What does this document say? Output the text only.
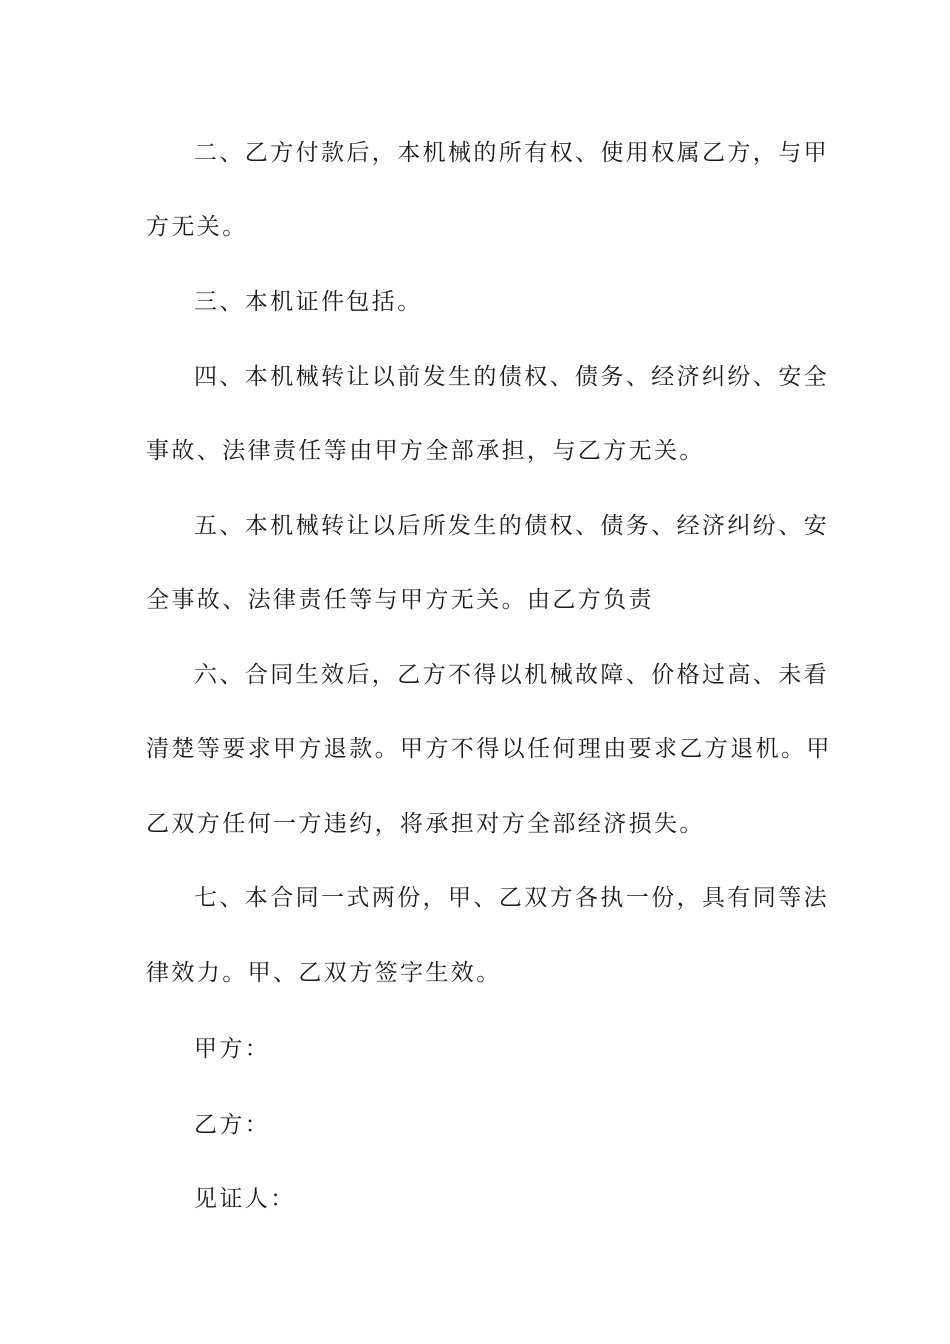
二、乙方付款后，本机械的所有权、使用权属乙方，与甲
方无关。
三、本机证件包括。
四、本机械转让以前发生的债权、债务、经济纠纷、安全
事故、法律责任等由甲方全部承担，与乙方无关。
五、本机械转让以后所发生的债权、债务、经济纠纷、安
全事故、法律责任等与甲方无关。由乙方负责
六、合同生效后，乙方不得以机械故障、价格过高、未看
清楚等要求甲方退款。甲方不得以任何理由要求乙方退机。甲
乙双方任何一方违约，将承担对方全部经济损失。
七、本合同一式两份，甲、乙双方各执一份，具有同等法
律效力。甲、乙双方签字生效。
甲方：
乙方：
见证人：
